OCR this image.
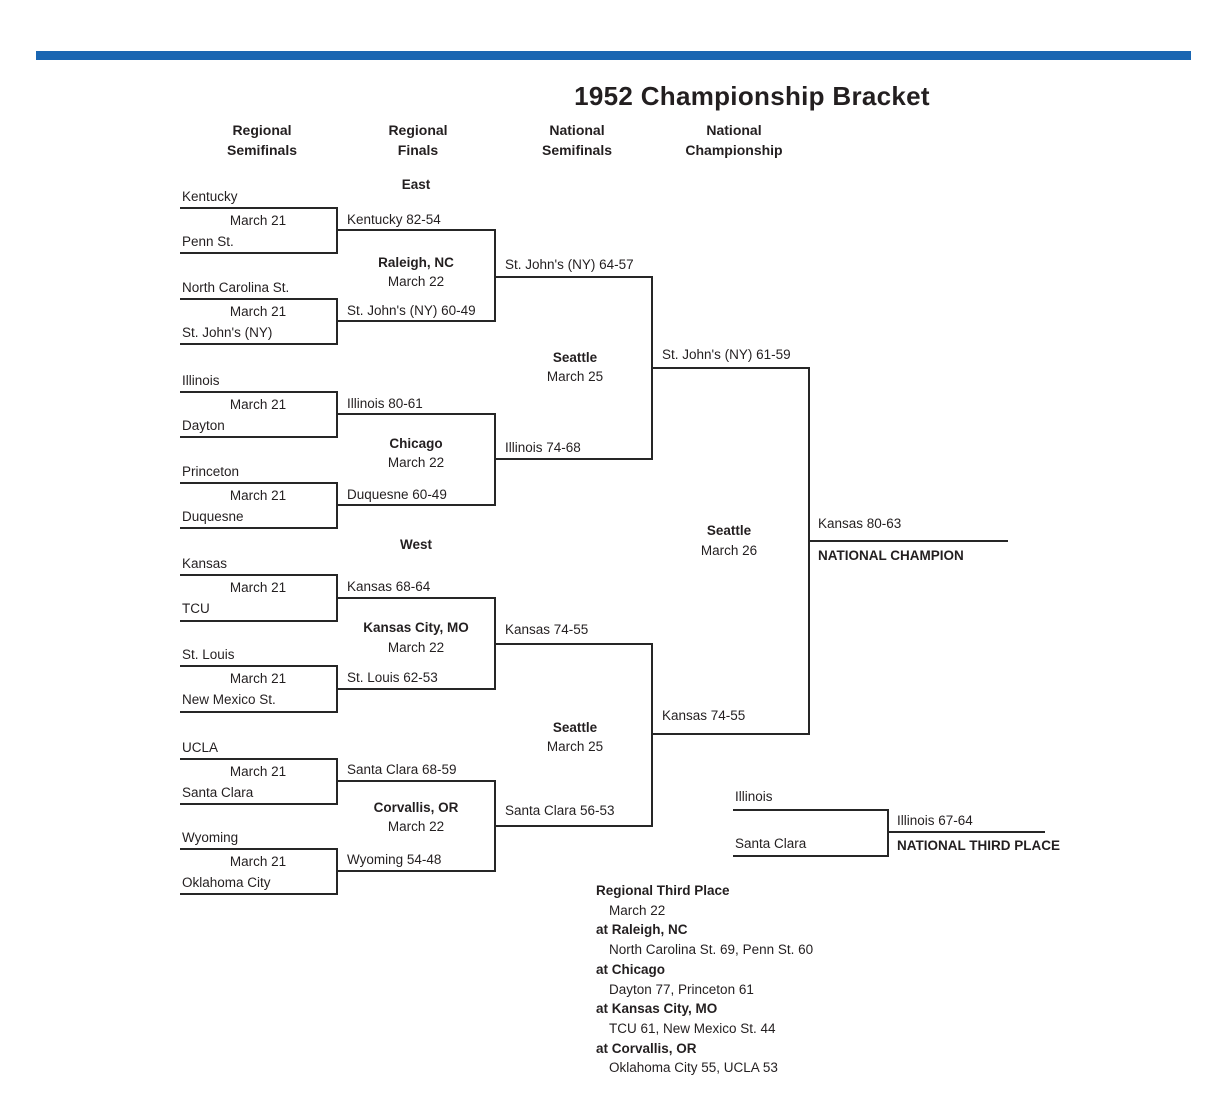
1952 Championship Bracket
Regional
Semifinals
Regional
Finals
National
Semifinals
National
Championship
East
West
Kentucky
March 21
Penn St.
Kentucky 82-54
North Carolina St.
March 21
St. John's (NY)
St. John's (NY) 60-49
Raleigh, NC
March 22
St. John's (NY) 64-57
Illinois
March 21
Dayton
Illinois 80-61
Princeton
March 21
Duquesne
Duquesne 60-49
Chicago
March 22
Illinois 74-68
Seattle
March 25
St. John's (NY) 61-59
Kansas
March 21
TCU
Kansas 68-64
St. Louis
March 21
New Mexico St.
St. Louis 62-53
Kansas City, MO
March 22
Kansas 74-55
UCLA
March 21
Santa Clara
Santa Clara 68-59
Wyoming
March 21
Oklahoma City
Wyoming 54-48
Corvallis, OR
March 22
Santa Clara 56-53
Seattle
March 25
Kansas 74-55
Seattle
March 26
Kansas 80-63
NATIONAL CHAMPION
Illinois
Santa Clara
Illinois 67-64
NATIONAL THIRD PLACE
Regional Third Place
March 22
at Raleigh, NC
North Carolina St. 69, Penn St. 60
at Chicago
Dayton 77, Princeton 61
at Kansas City, MO
TCU 61, New Mexico St. 44
at Corvallis, OR
Oklahoma City 55, UCLA 53
